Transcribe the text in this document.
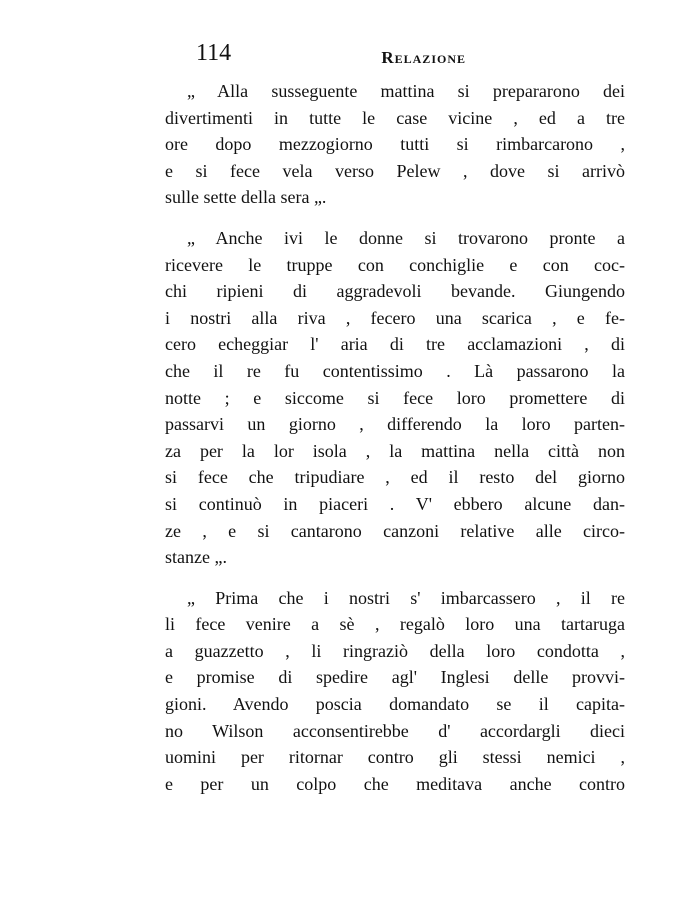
114	Relazione
„ Alla susseguente mattina si prepararono dei
divertimenti in tutte le case vicine , ed a tre
ore dopo mezzogiorno tutti si rimbarcarono ,
e si fece vela verso Pelew , dove si arrivò
sulle sette della sera „.
„ Anche ivi le donne si trovarono pronte a
ricevere le truppe con conchiglie e con coc-
chi ripieni di aggradevoli bevande. Giungendo
i nostri alla riva , fecero una scarica , e fe-
cero echeggiar l' aria di tre acclamazioni , di
che il re fu contentissimo . Là passarono la
notte ; e siccome si fece loro promettere di
passarvi un giorno , differendo la loro parten-
za per la lor isola , la mattina nella città non
si fece che tripudiare , ed il resto del giorno
si continuò in piaceri . V' ebbero alcune dan-
ze , e si cantarono canzoni relative alle circo-
stanze „.
„ Prima che i nostri s' imbarcassero , il re
li fece venire a sè , regalò loro una tartaruga
a guazzetto , li ringraziò della loro condotta ,
e promise di spedire agl' Inglesi delle provvi-
gioni. Avendo poscia domandato se il capita-
no Wilson acconsentirebbe d' accordargli dieci
uomini per ritornar contro gli stessi nemici ,
e per un colpo che meditava anche contro
